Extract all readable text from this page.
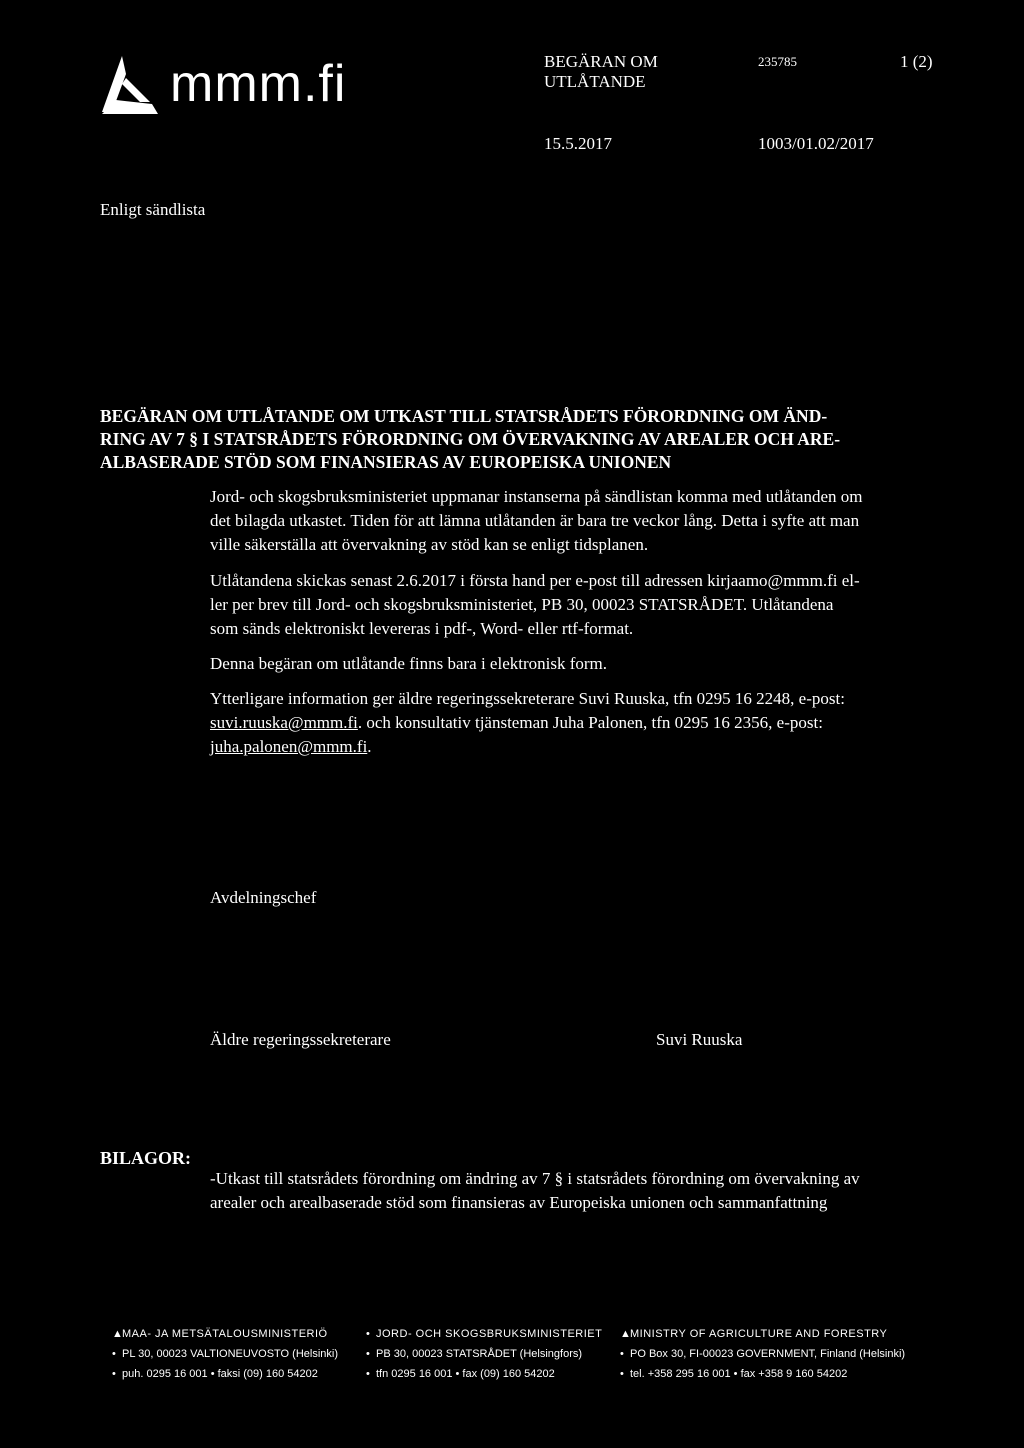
mmm.fi	BEGÄRAN OM
UTLÅTANDE
235785	1 (2)
15.5.2017	1003/01.02/2017
Enligt sändlista
BEGÄRAN OM UTLÅTANDE OM UTKAST TILL STATSRÅDETS FÖRORDNING OM ÄND-
RING AV 7 § I STATSRÅDETS FÖRORDNING OM ÖVERVAKNING AV AREALER OCH ARE-
ALBASERADE STÖD SOM FINANSIERAS AV EUROPEISKA UNIONEN

Jord- och skogsbruksministeriet uppmanar instanserna på sändlistan komma med utlåtanden om

det bilagda utkastet. Tiden för att lämna utlåtanden är bara tre veckor lång. Detta i syfte att man

ville säkerställa att övervakning av stöd kan se enligt tidsplanen.

Utlåtandena skickas senast 2.6.2017 i första hand per e-post till adressen kirjaamo@mmm.fi el-

ler per brev till Jord- och skogsbruksministeriet, PB 30, 00023 STATSRÅDET. Utlåtandena

som sänds elektroniskt levereras i pdf-, Word- eller rtf-format.

Denna begäran om utlåtande finns bara i elektronisk form.

Ytterligare information ger äldre regeringssekreterare Suvi Ruuska, tfn 0295 16 2248, e-post:

suvi.ruuska@mmm.fi. och konsultativ tjänsteman Juha Palonen, tfn 0295 16 2356, e-post:

juha.palonen@mmm.fi.

Avdelningschef
Äldre regeringssekreterare	Suvi Ruuska
BILAGOR:

-Utkast till statsrådets förordning om ändring av 7 § i statsrådets förordning om övervakning av

arealer och arealbaserade stöd som finansieras av Europeiska unionen och sammanfattning

▲MAA- JA METSÄTALOUSMINISTERIÖ
• PL 30, 00023 VALTIONEUVOSTO (Helsinki)
• puh. 0295 16 001 • faksi (09) 160 54202
• JORD- OCH SKOGSBRUKSMINISTERIET
• PB 30, 00023 STATSRÅDET (Helsingfors)
• tfn 0295 16 001 • fax (09) 160 54202
▲MINISTRY OF AGRICULTURE AND FORESTRY
• PO Box 30, FI-00023 GOVERNMENT, Finland (Helsinki)
• tel. +358 295 16 001 • fax +358 9 160 54202
